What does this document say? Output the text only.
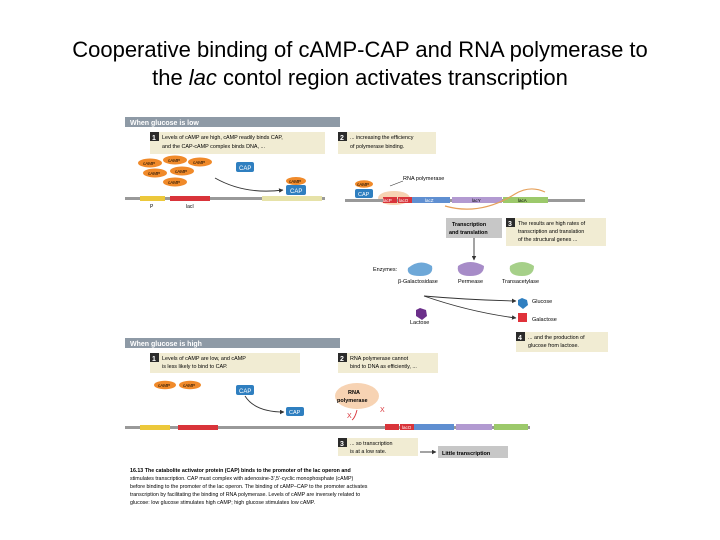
Cooperative binding of cAMP-CAP and RNA polymerase to
the lac contol region activates transcription
When glucose is low
1 Levels of cAMP are high, cAMP readily binds CAP,
and the CAP-cAMP complex binds DNA, ...
2 ... increasing the efficiency
of polymerase binding.
cAMP
cAMP	cAMP
cAMP	cAMP
cAMP
CAP
cAMP
CAP
P	lacI
RNA polymerase
cAMP
CAP
lacP lacO	lacZ	lacY	lacA
Transcription
and translation
3 The results are high rates of
transcription and translation
of the structural genes ...
Enzymes:
β-Galactosidase	Permease	Transacetylase
Lactose
Glucose
Galactose
4 ... and the production of
glucose from lactose.
When glucose is high
1 Levels of cAMP are low, and cAMP
is less likely to bind to CAP.
2 RNA polymerase cannot
bind to DNA as efficiently, ...
cAMP	cAMP
CAP
CAP
RNA
polymerase
X
X
lacO
3 ... so transcription
is at a low rate.	Little transcription
16.13 The catabolite activator protein (CAP) binds to the promoter of the lac operon and
stimulates transcription. CAP must complex with adenosine-3',5'-cyclic monophosphate (cAMP)
before binding to the promoter of the lac operon. The binding of cAMP–CAP to the promoter activates
transcription by facilitating the binding of RNA polymerase. Levels of cAMP are inversely related to
glucose: low glucose stimulates high cAMP; high glucose stimulates low cAMP.
